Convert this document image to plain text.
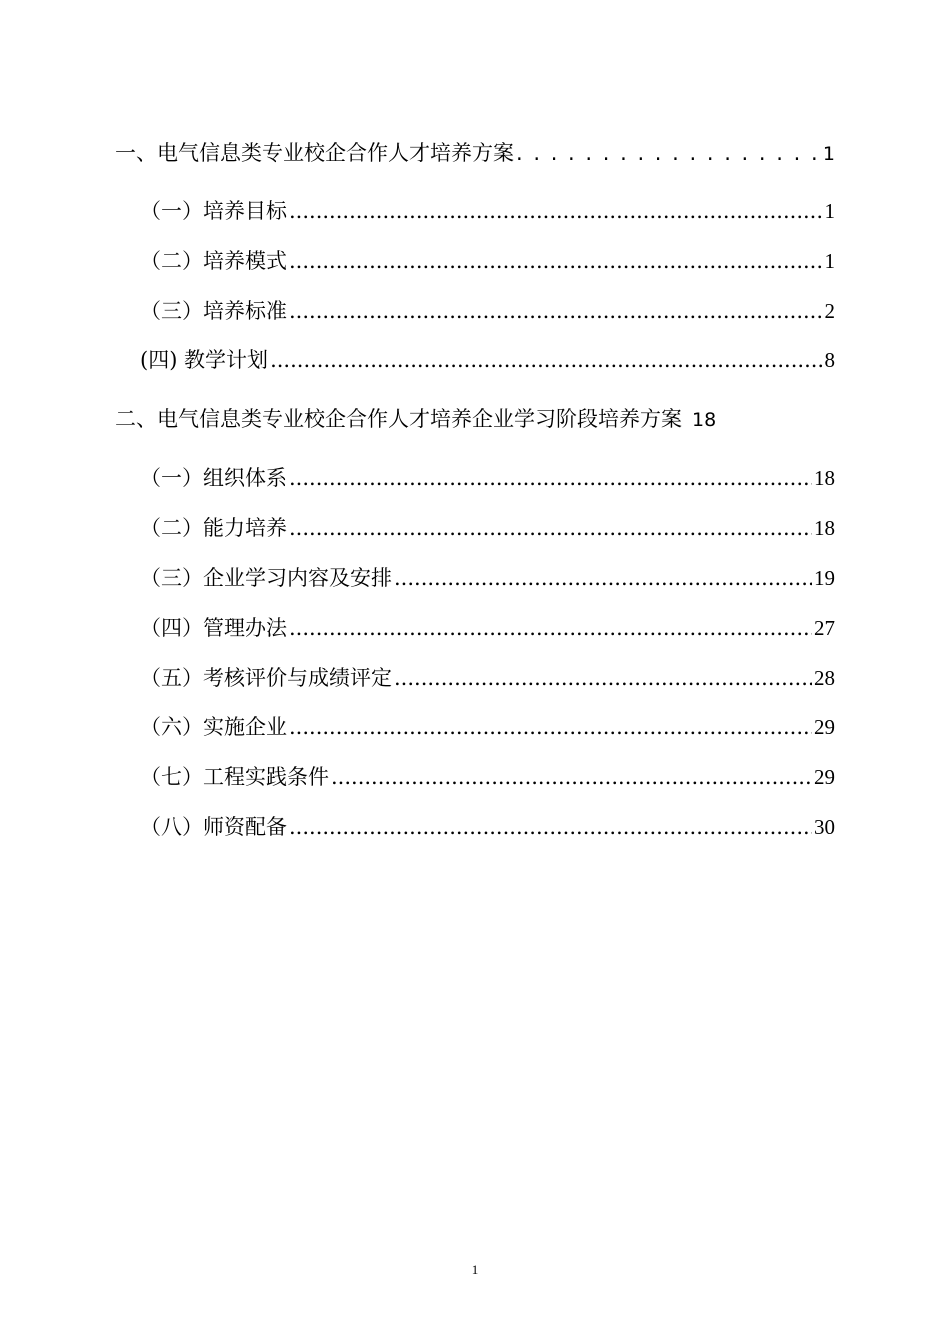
一、电气信息类专业校企合作人才培养方案 . . .	1
（一）培养目标 .....	1
（二）培养模式 .....	1
（三）培养标准 .....	2
(四) 教学计划 .....	8
二、电气信息类专业校企合作人才培养企业学习阶段培养方案 18
（一）组织体系 .....	18
（二）能力培养 .....	18
（三）企业学习内容及安排 .....	19
（四）管理办法 .....	27
（五）考核评价与成绩评定 .....	28
（六）实施企业 .....	29
（七）工程实践条件 .....	29
（八）师资配备 .....	30
1
